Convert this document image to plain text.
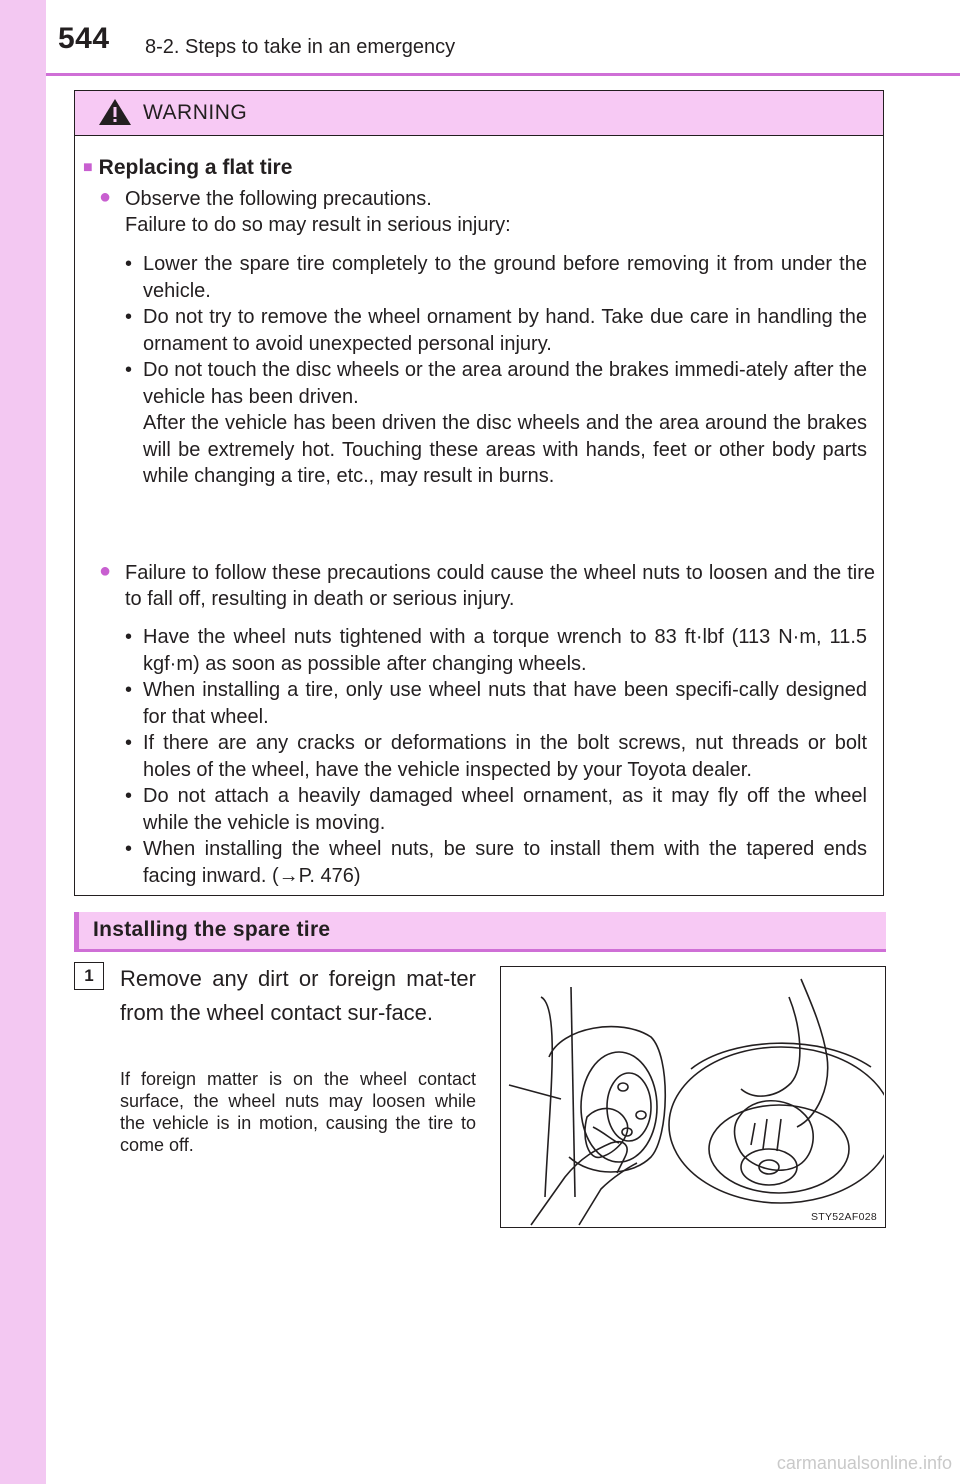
544 8-2. Steps to take in an emergency
WARNING
■ Replacing a flat tire
● Observe the following precautions.
Failure to do so may result in serious injury:
• Lower the spare tire completely to the ground before removing it from under the vehicle.
• Do not try to remove the wheel ornament by hand. Take due care in handling the ornament to avoid unexpected personal injury.
• Do not touch the disc wheels or the area around the brakes immedi-ately after the vehicle has been driven.
After the vehicle has been driven the disc wheels and the area around the brakes will be extremely hot. Touching these areas with hands, feet or other body parts while changing a tire, etc., may result in burns.
● Failure to follow these precautions could cause the wheel nuts to loosen and the tire to fall off, resulting in death or serious injury.
• Have the wheel nuts tightened with a torque wrench to 83 ft·lbf (113 N·m, 11.5 kgf·m) as soon as possible after changing wheels.
• When installing a tire, only use wheel nuts that have been specifi-cally designed for that wheel.
• If there are any cracks or deformations in the bolt screws, nut threads or bolt holes of the wheel, have the vehicle inspected by your Toyota dealer.
• Do not attach a heavily damaged wheel ornament, as it may fly off the wheel while the vehicle is moving.
• When installing the wheel nuts, be sure to install them with the tapered ends facing inward. (→P. 476)
Installing the spare tire
1	Remove any dirt or foreign mat-ter from the wheel contact sur-face.
If foreign matter is on the wheel contact surface, the wheel nuts may loosen while the vehicle is in motion, causing the tire to come off.
STY52AF028
carmanualsonline.info
